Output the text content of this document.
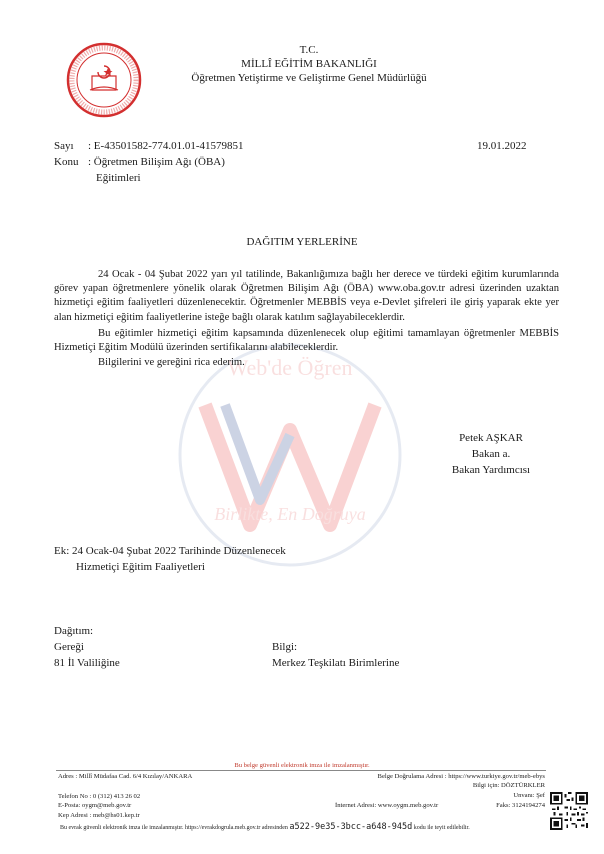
T.C.
MİLLÎ EĞİTİM BAKANLIĞI
Öğretmen Yetiştirme ve Geliştirme Genel Müdürlüğü
Web'de Öğren
Birlikte, En Doğruya
Sayı : E-43501582-774.01.01-41579851	19.01.2022
Konu : Öğretmen Bilişim Ağı (ÖBA)
Eğitimleri
DAĞITIM YERLERİNE
24 Ocak - 04 Şubat 2022 yarı yıl tatilinde, Bakanlığımıza bağlı her derece ve türdeki eğitim kurumlarında görev yapan öğretmenlere yönelik olarak Öğretmen Bilişim Ağı (ÖBA) www.oba.gov.tr adresi üzerinden uzaktan hizmetiçi eğitim faaliyetleri düzenlenecektir. Öğretmenler MEBBİS veya e-Devlet şifreleri ile giriş yaparak ekte yer alan hizmetiçi eğitim faaliyetlerine isteğe bağlı olarak katılım sağlayabileceklerdir.
Bu eğitimler hizmetiçi eğitim kapsamında düzenlenecek olup eğitimi tamamlayan öğretmenler MEBBİS Hizmetiçi Eğitim Modülü üzerinden sertifikalarını alabileceklerdir.
Bilgilerini ve gereğini rica ederim.
Petek AŞKAR
Bakan a.
Bakan Yardımcısı
Ek: 24 Ocak-04 Şubat 2022 Tarihinde Düzenlenecek
Hizmetiçi Eğitim Faaliyetleri
Dağıtım:
Gereği
81 İl Valiliğine
Bilgi:
Merkez Teşkilatı Birimlerine
Bu belge güvenli elektronik imza ile imzalanmıştır.
Adres : Millî Müdafaa Cad. 6/4 Kızılay/ANKARA	Belge Doğrulama Adresi : https://www.turkiye.gov.tr/meb-ebys
Bilgi için: DÖZTÜRKLER
Telefon No : 0 (312) 413 26 02	Unvanı: Şef
E-Posta: oygm@meb.gov.tr	İnternet Adresi: www.oygm.meb.gov.tr	Faks: 3124194274
Kep Adresi : meb@hs01.kep.tr
Bu evrak güvenli elektronik imza ile imzalanmıştır. https://evrakdogrula.meb.gov.tr adresinden a522-9e35-3bcc-a648-945d kodu ile teyit edilebilir.
